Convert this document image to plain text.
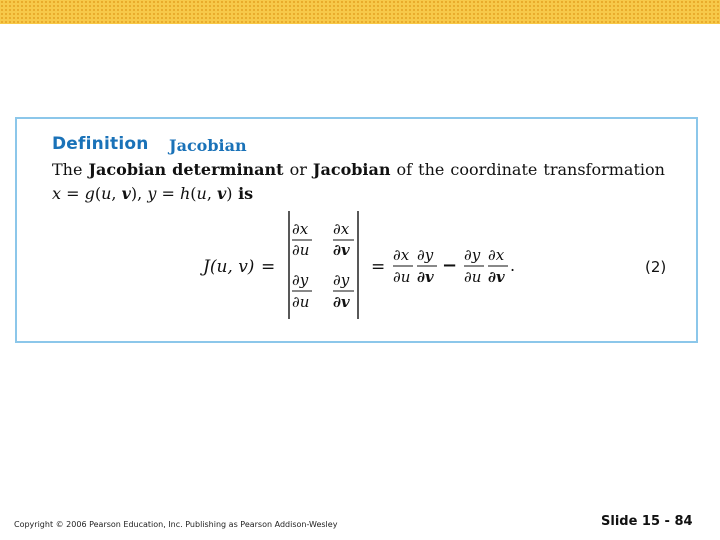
Definition Jacobian
The Jacobian determinant or Jacobian of the coordinate transformation
x = g(u, v), y = h(u, v) is
J(u, v) =
∂x
∂u
∂x
∂v
∂y
∂u
∂y
∂v
=
∂x
∂u
∂y
∂v
− ∂y
∂u
∂x
∂v
.	(2)
Copyright © 2006 Pearson Education, Inc. Publishing as Pearson Addison-Wesley	Slide 15 - 84
